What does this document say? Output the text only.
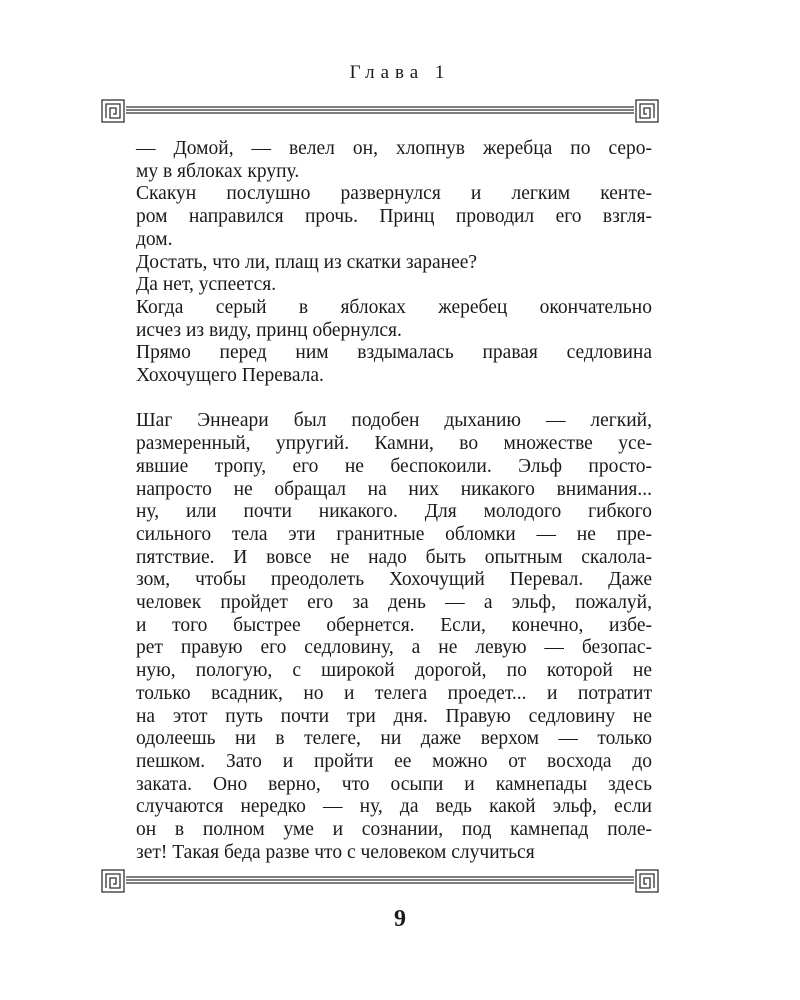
Глава 1
— Домой, — велел он, хлопнув жеребца по серо-
му в яблоках крупу.
Скакун послушно развернулся и легким кенте-
ром направился прочь. Принц проводил его взгля-
дом.
Достать, что ли, плащ из скатки заранее?
Да нет, успеется.
Когда серый в яблоках жеребец окончательно
исчез из виду, принц обернулся.
Прямо перед ним вздымалась правая седловина
Хохочущего Перевала.
Шаг Эннеари был подобен дыханию — легкий,
размеренный, упругий. Камни, во множестве усе-
явшие тропу, его не беспокоили. Эльф просто-
напросто не обращал на них никакого внимания...
ну, или почти никакого. Для молодого гибкого
сильного тела эти гранитные обломки — не пре-
пятствие. И вовсе не надо быть опытным скалола-
зом, чтобы преодолеть Хохочущий Перевал. Даже
человек пройдет его за день — а эльф, пожалуй,
и того быстрее обернется. Если, конечно, избе-
рет правую его седловину, а не левую — безопас-
ную, пологую, с широкой дорогой, по которой не
только всадник, но и телега проедет... и потратит
на этот путь почти три дня. Правую седловину не
одолеешь ни в телеге, ни даже верхом — только
пешком. Зато и пройти ее можно от восхода до
заката. Оно верно, что осыпи и камнепады здесь
случаются нередко — ну, да ведь какой эльф, если
он в полном уме и сознании, под камнепад поле-
зет! Такая беда разве что с человеком случиться
9
